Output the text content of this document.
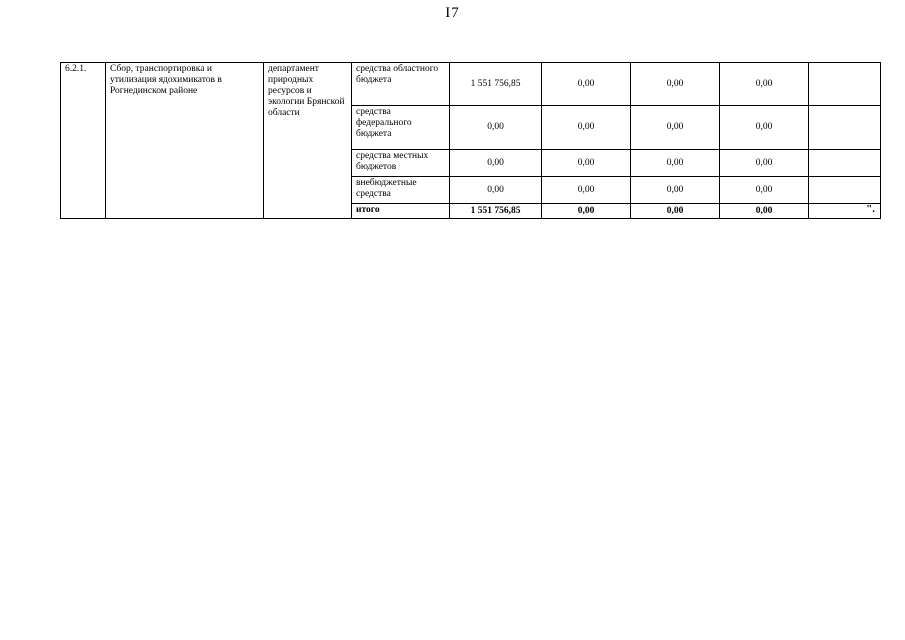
I7
6.2.1.	Сбор, транспортировка и утилизация ядохимикатов в Рогнединском районе	департамент природных ресурсов и экологии Брянской области	средства областного бюджета	1 551 756,85	0,00	0,00	0,00	
			средства федерального бюджета	0,00	0,00	0,00	0,00	
			средства местных бюджетов	0,00	0,00	0,00	0,00	
			внебюджетные средства	0,00	0,00	0,00	0,00	
			итого	1 551 756,85	0,00	0,00	0,00	".
